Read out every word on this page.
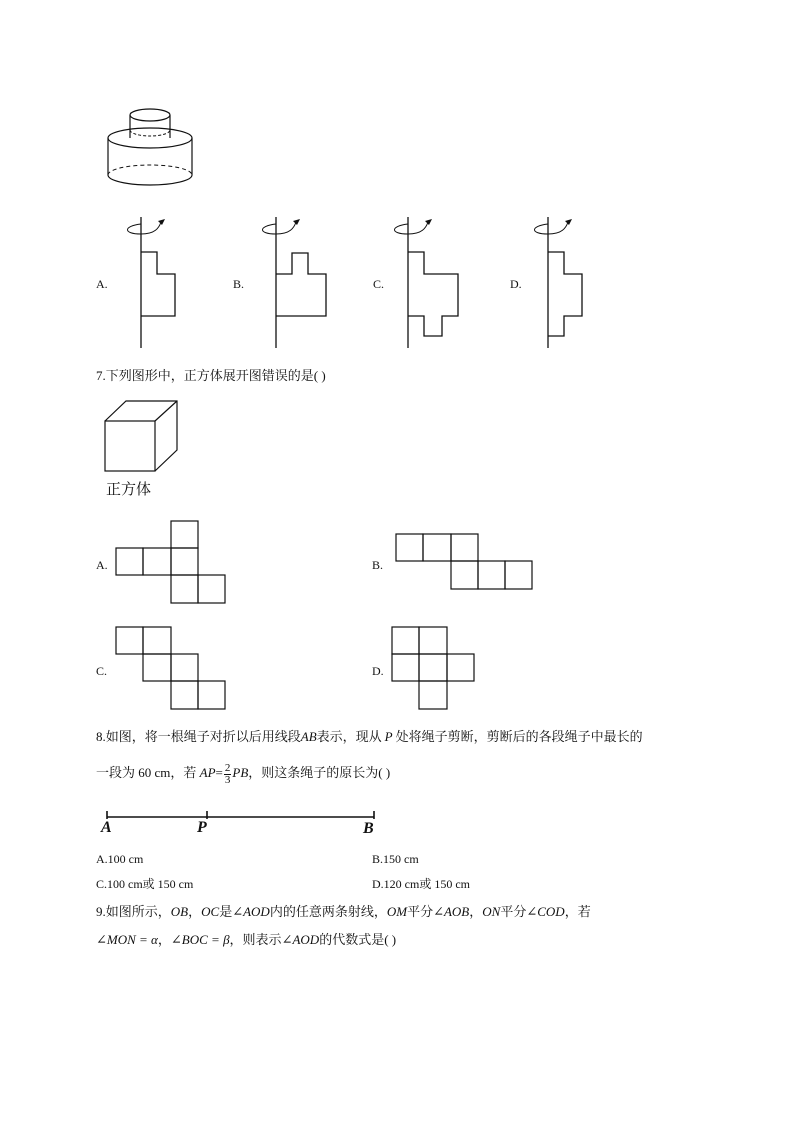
A.	B.	C.	D.
7.下列图形中，正方体展开图错误的是( )
正方体
A.	B.
C.	D.
8.如图，将一根绳子对折以后用线段AB表示，现从 P 处将绳子剪断，剪断后的各段绳子中最长的
一段为 60 cm，若 $AP= \frac{2}{3}$ PB，则这条绳子的原长为( )
A	P	B
A.100 cm	B.150 cm
C.100 cm或 150 cm	D.120 cm或 150 cm
9.如图所示，OB，OC是∠AOD内的任意两条射线，OM平分∠AOB，ON平分∠COD，若
∠MON = α，∠BOC = β，则表示∠AOD的代数式是( )
